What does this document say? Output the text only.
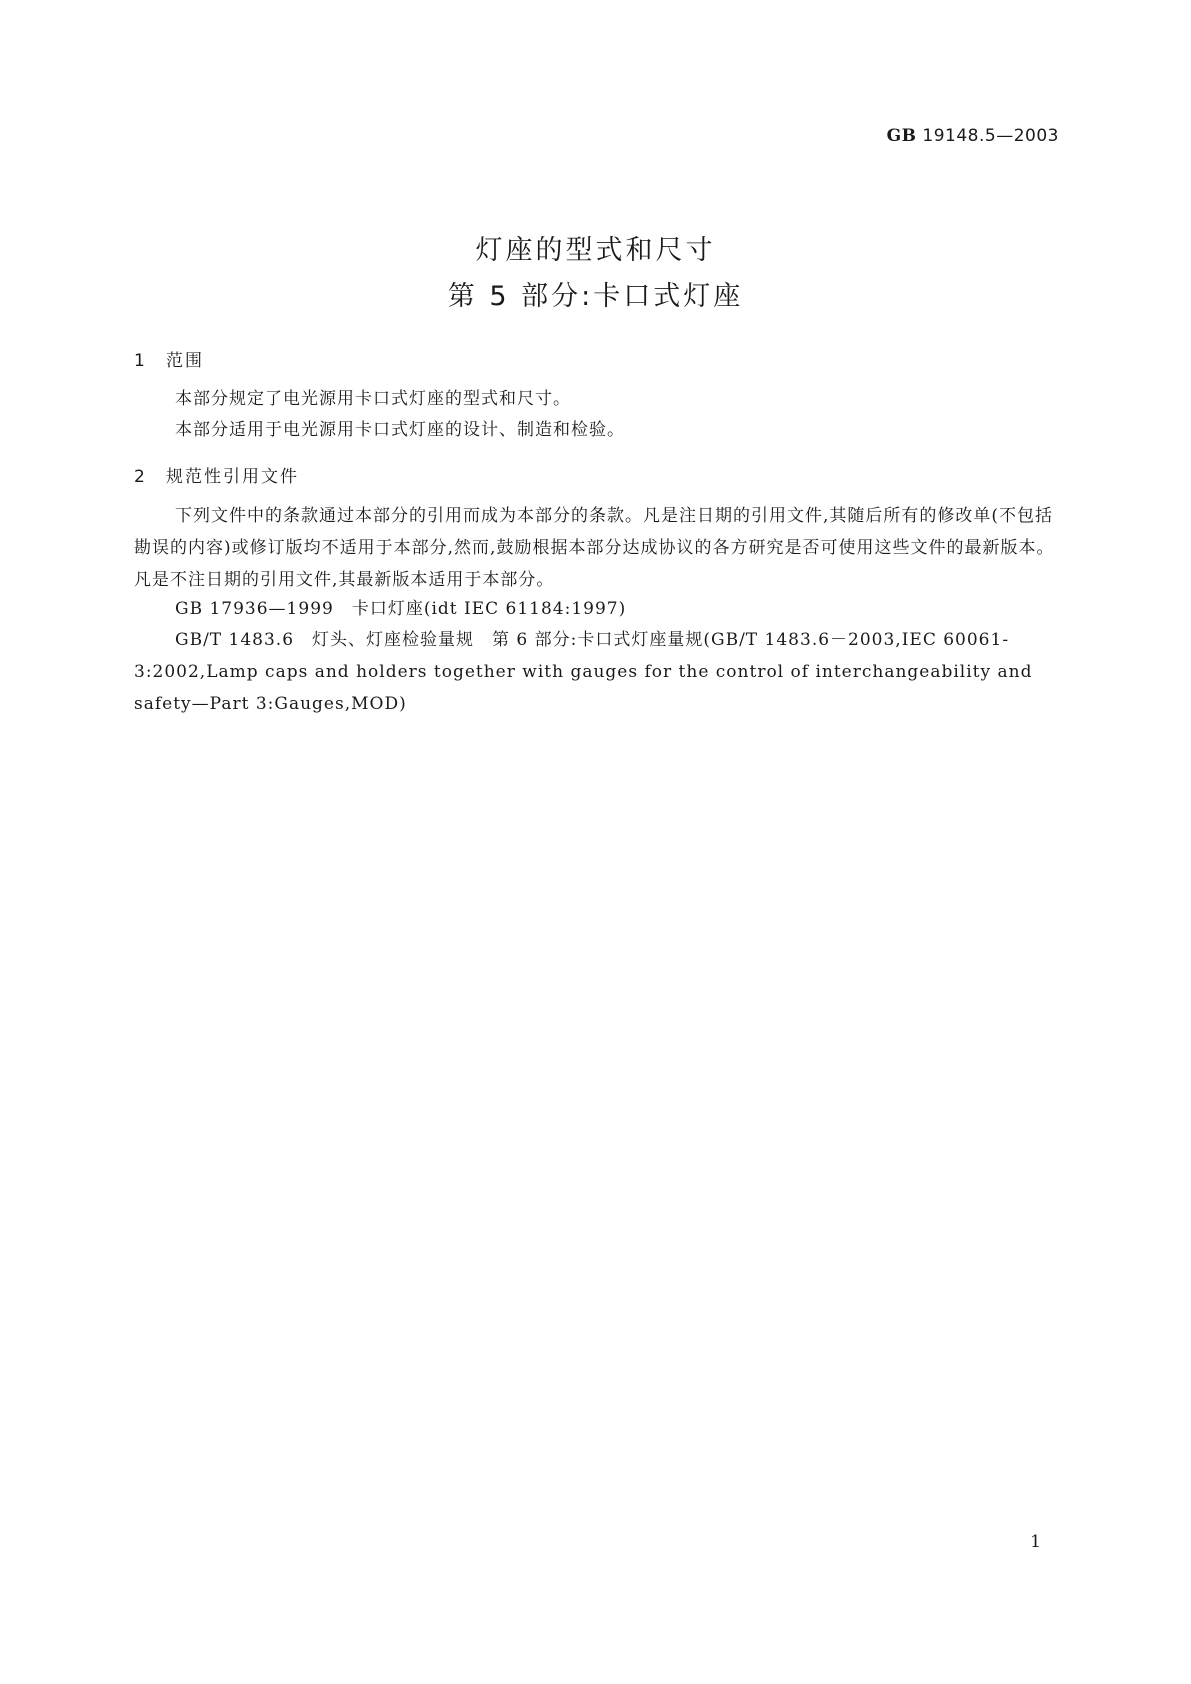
GB 19148.5—2003
灯座的型式和尺寸
第 5 部分:卡口式灯座
1 范围
本部分规定了电光源用卡口式灯座的型式和尺寸。
本部分适用于电光源用卡口式灯座的设计、制造和检验。
2 规范性引用文件
下列文件中的条款通过本部分的引用而成为本部分的条款。凡是注日期的引用文件,其随后所有的修改单(不包括勘误的内容)或修订版均不适用于本部分,然而,鼓励根据本部分达成协议的各方研究是否可使用这些文件的最新版本。凡是不注日期的引用文件,其最新版本适用于本部分。
GB 17936—1999　卡口灯座(idt IEC 61184:1997)
GB/T 1483.6　灯头、灯座检验量规　第 6 部分:卡口式灯座量规(GB/T 1483.6－2003,IEC 60061-3:2002,Lamp caps and holders together with gauges for the control of interchangeability and safety—Part 3:Gauges,MOD)
1
